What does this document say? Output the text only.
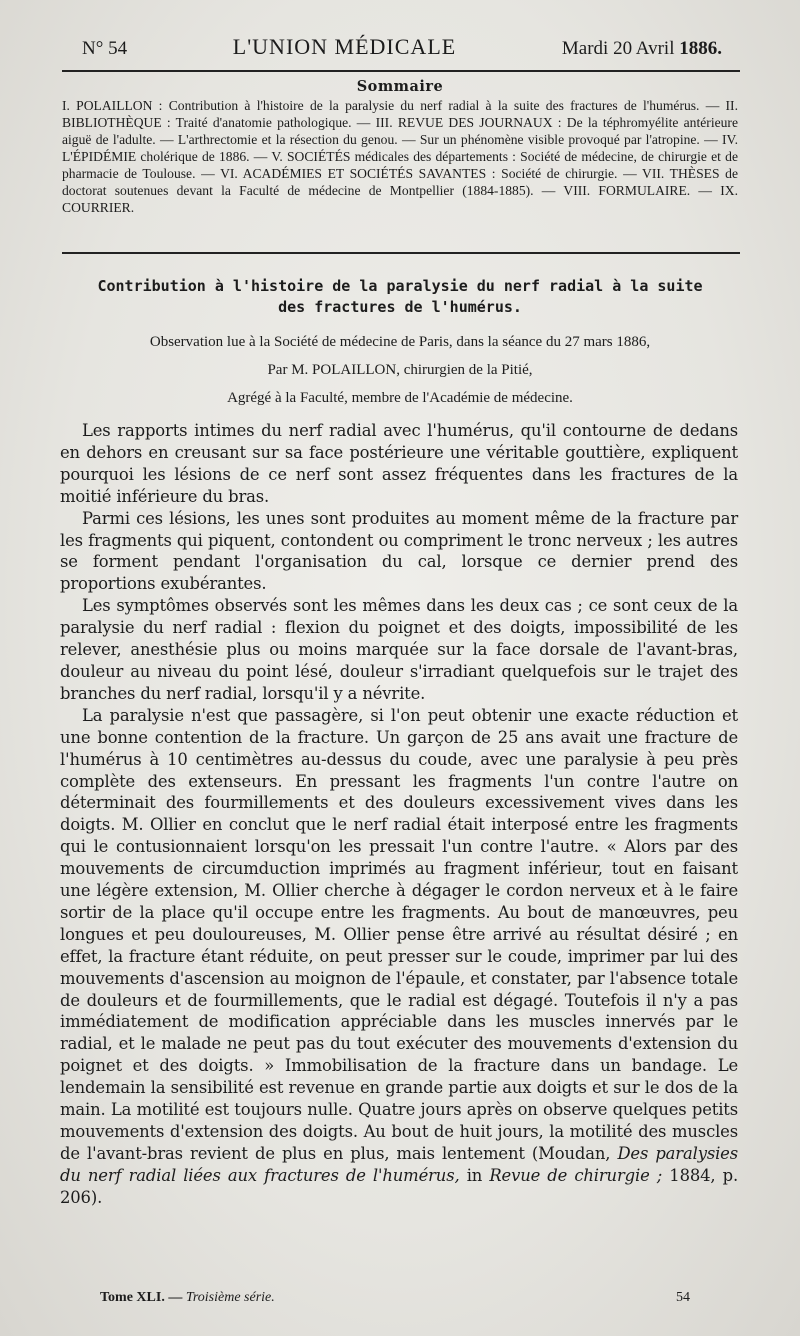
N° 54	L'UNION MÉDICALE	Mardi 20 Avril 1886.
Sommaire
I. POLAILLON : Contribution à l'histoire de la paralysie du nerf radial à la suite des fractures de l'humérus. — II. BIBLIOTHÈQUE : Traité d'anatomie pathologique. — III. REVUE DES JOURNAUX : De la téphromyélite antérieure aiguë de l'adulte. — L'arthrectomie et la résection du genou. — Sur un phénomène visible provoqué par l'atropine. — IV. L'ÉPIDÉMIE cholérique de 1886. — V. SOCIÉTÉS médicales des départements : Société de médecine, de chirurgie et de pharmacie de Toulouse. — VI. ACADÉMIES ET SOCIÉTÉS SAVANTES : Société de chirurgie. — VII. THÈSES de doctorat soutenues devant la Faculté de médecine de Montpellier (1884-1885). — VIII. FORMULAIRE. — IX. COURRIER.
Contribution à l'histoire de la paralysie du nerf radial à la suite
des fractures de l'humérus.
Observation lue à la Société de médecine de Paris, dans la séance du 27 mars 1886,
Par M. POLAILLON, chirurgien de la Pitié,
Agrégé à la Faculté, membre de l'Académie de médecine.

Les rapports intimes du nerf radial avec l'humérus, qu'il contourne de dedans en dehors en creusant sur sa face postérieure une véritable gouttière, expliquent pourquoi les lésions de ce nerf sont assez fréquentes dans les fractures de la moitié inférieure du bras.

Parmi ces lésions, les unes sont produites au moment même de la fracture par les fragments qui piquent, contondent ou compriment le tronc nerveux ; les autres se forment pendant l'organisation du cal, lorsque ce dernier prend des proportions exubérantes.

Les symptômes observés sont les mêmes dans les deux cas ; ce sont ceux de la paralysie du nerf radial : flexion du poignet et des doigts, impossibilité de les relever, anesthésie plus ou moins marquée sur la face dorsale de l'avant-bras, douleur au niveau du point lésé, douleur s'irradiant quelquefois sur le trajet des branches du nerf radial, lorsqu'il y a névrite.

La paralysie n'est que passagère, si l'on peut obtenir une exacte réduction et une bonne contention de la fracture. Un garçon de 25 ans avait une fracture de l'humérus à 10 centimètres au-dessus du coude, avec une paralysie à peu près complète des extenseurs. En pressant les fragments l'un contre l'autre on déterminait des fourmillements et des douleurs excessivement vives dans les doigts. M. Ollier en conclut que le nerf radial était interposé entre les fragments qui le contusionnaient lorsqu'on les pressait l'un contre l'autre. « Alors par des mouvements de circumduction imprimés au fragment inférieur, tout en faisant une légère extension, M. Ollier cherche à dégager le cordon nerveux et à le faire sortir de la place qu'il occupe entre les fragments. Au bout de manœuvres, peu longues et peu douloureuses, M. Ollier pense être arrivé au résultat désiré ; en effet, la fracture étant réduite, on peut presser sur le coude, imprimer par lui des mouvements d'ascension au moignon de l'épaule, et constater, par l'absence totale de douleurs et de fourmillements, que le radial est dégagé. Toutefois il n'y a pas immédiatement de modification appréciable dans les muscles innervés par le radial, et le malade ne peut pas du tout exécuter des mouvements d'extension du poignet et des doigts. » Immobilisation de la fracture dans un bandage. Le lendemain la sensibilité est revenue en grande partie aux doigts et sur le dos de la main. La motilité est toujours nulle. Quatre jours après on observe quelques petits mouvements d'extension des doigts. Au bout de huit jours, la motilité des muscles de l'avant-bras revient de plus en plus, mais lentement (Moudan, Des paralysies du nerf radial liées aux fractures de l'humérus, in Revue de chirurgie ; 1884, p. 206).

Tome XLI. — Troisième série.	54
